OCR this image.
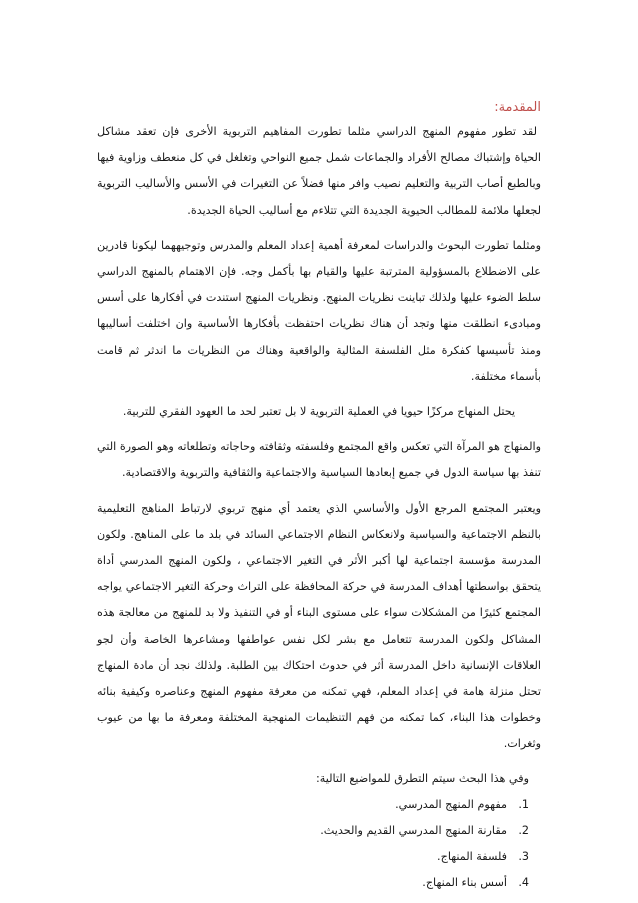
المقدمة:

لقد تطور مفهوم المنهج الدراسي مثلما تطورت المفاهيم التربوية الأخرى فإن تعقد مشاكل الحياة وإشتباك مصالح الأفراد والجماعات شمل جميع النواحي وتغلغل في كل منعطف وزاوية فيها وبالطبع أصاب التربية والتعليم نصيب وافر منها فضلاً عن التغيرات في الأسس والأساليب التربوية لجعلها ملائمة للمطالب الحيوية الجديدة التي تتلاءم مع أساليب الحياة الجديدة.

ومثلما تطورت البحوث والدراسات لمعرفة أهمية إعداد المعلم والمدرس وتوجيههما ليكونا قادرين على الاضطلاع بالمسؤولية المترتبة عليها والقيام بها بأكمل وجه. فإن الاهتمام بالمنهج الدراسي سلط الضوء عليها ولذلك تباينت نظريات المنهج. ونظريات المنهج استندت في أفكارها على أسس ومبادىء انطلقت منها وتجد أن هناك نظريات احتفظت بأفكارها الأساسية وان اختلفت أساليبها ومنذ تأسيسها كفكرة مثل الفلسفة المثالية والواقعية وهناك من النظريات ما اندثر ثم قامت بأسماء مختلفة.

يحتل المنهاج مركزًا حيويا في العملية التربوية لا بل تعتبر لحد ما العهود الفقري للتربية.

والمنهاج هو المرآة التي تعكس واقع المجتمع وفلسفته وثقافته وحاجاته وتطلعاته وهو الصورة التي تنفذ بها سياسة الدول في جميع إبعادها السياسية والاجتماعية والثقافية والتربوية والاقتصادية.

ويعتبر المجتمع المرجع الأول والأساسي الذي يعتمد أي منهج تربوي لارتباط المناهج التعليمية بالنظم الاجتماعية والسياسية ولانعكاس النظام الاجتماعي السائد في بلد ما على المناهج. ولكون المدرسة مؤسسة اجتماعية لها أكبر الأثر في التغير الاجتماعي ، ولكون المنهج المدرسي أداة يتحقق بواسطتها أهداف المدرسة في حركة المحافظة على التراث وحركة التغير الاجتماعي يواجه المجتمع كثيرًا من المشكلات سواء على مستوى البناء أو في التنفيذ ولا بد للمنهج من معالجة هذه المشاكل ولكون المدرسة تتعامل مع بشر لكل نفس عواطفها ومشاعرها الخاصة وأن لجو العلاقات الإنسانية داخل المدرسة أثر في حدوث احتكاك بين الطلبة. ولذلك نجد أن مادة المنهاج تحتل منزلة هامة في إعداد المعلم، فهي تمكنه من معرفة مفهوم المنهج وعناصره وكيفية بنائه وخطوات هذا البناء، كما تمكنه من فهم التنظيمات المنهجية المختلفة ومعرفة ما بها من عيوب وثغرات.

وفي هذا البحث سيتم التطرق للمواضيع التالية:

1.
مفهوم المنهج المدرسي.
2.
مقارنة المنهج المدرسي القديم والحديث.
3.
فلسفة المنهاج.
4.
أسس بناء المنهاج.
